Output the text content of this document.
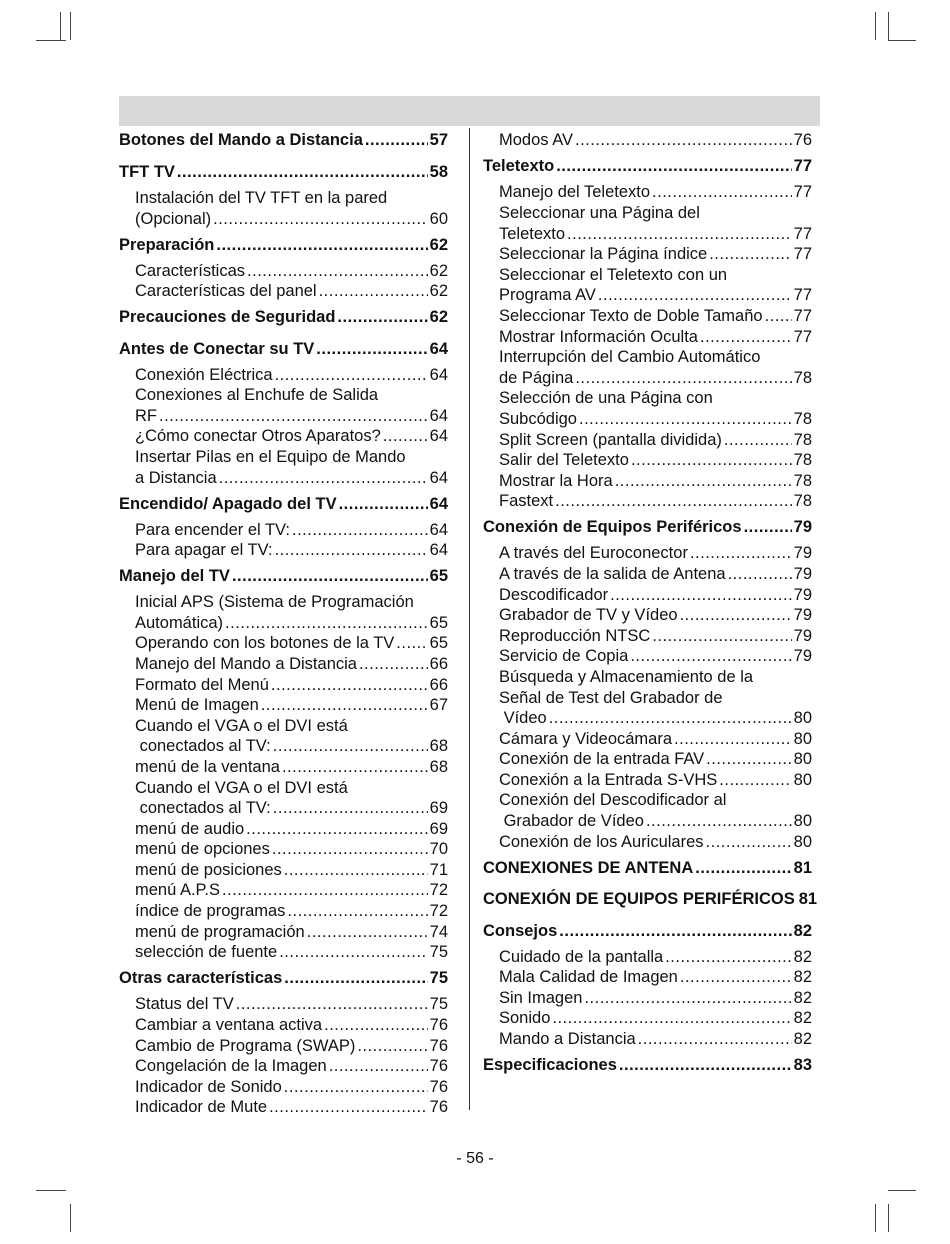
Botones del Mando a Distancia .....	57
TFT TV .....	58
Instalación del TV TFT en la pared
(Opcional) .....	60
Preparación .....	62
Características .....	62
Características del panel .....	62
Precauciones de Seguridad .....	62
Antes de Conectar su TV .....	64
Conexión Eléctrica .....	64
Conexiones al Enchufe de Salida
RF .....	64
¿Cómo conectar Otros Aparatos? .....	64
Insertar Pilas en el Equipo de Mando
a Distancia .....	64
Encendido/ Apagado del TV .....	64
Para encender el TV: .....	64
Para apagar el TV: .....	64
Manejo del TV .....	65
Inicial APS (Sistema de Programación
Automática) .....	65
Operando con los botones de la TV ..... 65
Manejo del Mando a Distancia .....	66
Formato del Menú .....	66
Menú de Imagen .....	67
Cuando el VGA o el DVI está
conectados al TV: .....	68
menú de la ventana .....	68
Cuando el VGA o el DVI está
conectados al TV: .....	69
menú de audio .....	69
menú de opciones .....	70
menú de posiciones .....	71
menú A.P.S .....	72
índice de programas .....	72
menú de programación .....	74
selección de fuente .....	75
Otras características .....	75
Status del TV .....	75
Cambiar a ventana activa .....	76
Cambio de Programa (SWAP) .....	76
Congelación de la Imagen .....	76
Indicador de Sonido .....	76
Indicador de Mute .....	76
Modos AV .....	76
Teletexto .....	77
Manejo del Teletexto .....	77
Seleccionar una Página del
Teletexto .....	77
Seleccionar la Página índice .....	77
Seleccionar el Teletexto con un
Programa AV .....	77
Seleccionar Texto de Doble Tamaño ..... 77
Mostrar Información Oculta .....	77
Interrupción del Cambio Automático
de Página .....	78
Selección de una Página con
Subcódigo .....	78
Split Screen (pantalla dividida) .....	78
Salir del Teletexto .....	78
Mostrar la Hora .....	78
Fastext .....	78
Conexión de Equipos Periféricos .....	79
A través del Euroconector .....	79
A través de la salida de Antena .....	79
Descodificador .....	79
Grabador de TV y Vídeo .....	79
Reproducción NTSC .....	79
Servicio de Copia .....	79
Búsqueda y Almacenamiento de la
Señal de Test del Grabador de
Vídeo .....	80
Cámara y Videocámara .....	80
Conexión de la entrada FAV .....	80
Conexión a la Entrada S-VHS .....	80
Conexión del Descodificador al
Grabador de Vídeo .....	80
Conexión de los Auriculares .....	80
CONEXIONES DE ANTENA .....	81
CONEXIÓN DE EQUIPOS PERIFÉRICOS 81
Consejos .....	82
Cuidado de la pantalla .....	82
Mala Calidad de Imagen .....	82
Sin Imagen .....	82
Sonido .....	82
Mando a Distancia .....	82
Especificaciones .....	83
- 56 -
